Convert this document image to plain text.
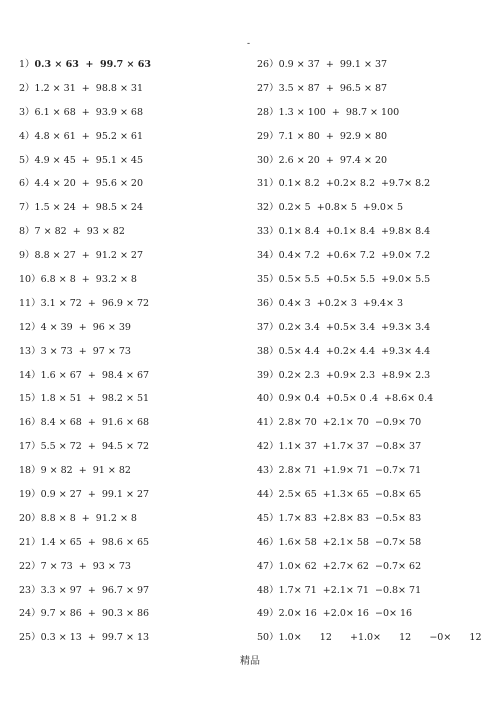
-
1）0.3 × 63  +  99.7 × 63
2）1.2 × 31  +  98.8 × 31
3）6.1 × 68  +  93.9 × 68
4）4.8 × 61  +  95.2 × 61
5）4.9 × 45  +  95.1 × 45
6）4.4 × 20  +  95.6 × 20
7）1.5 × 24  +  98.5 × 24
8）7 × 82  +  93 × 82
9）8.8 × 27  +  91.2 × 27
10）6.8 × 8  +  93.2 × 8
11）3.1 × 72  +  96.9 × 72
12）4 × 39  +  96 × 39
13）3 × 73  +  97 × 73
14）1.6 × 67  +  98.4 × 67
15）1.8 × 51  +  98.2 × 51
16）8.4 × 68  +  91.6 × 68
17）5.5 × 72  +  94.5 × 72
18）9 × 82  +  91 × 82
19）0.9 × 27  +  99.1 × 27
20）8.8 × 8  +  91.2 × 8
21）1.4 × 65  +  98.6 × 65
22）7 × 73  +  93 × 73
23）3.3 × 97  +  96.7 × 97
24）9.7 × 86  +  90.3 × 86
25）0.3 × 13  +  99.7 × 13
26）0.9 × 37  +  99.1 × 37
27）3.5 × 87  +  96.5 × 87
28）1.3 × 100  +  98.7 × 100
29）7.1 × 80  +  92.9 × 80
30）2.6 × 20  +  97.4 × 20
31）0.1× 8.2  +0.2× 8.2  +9.7× 8.2
32）0.2× 5  +0.8× 5  +9.0× 5
33）0.1× 8.4  +0.1× 8.4  +9.8× 8.4
34）0.4× 7.2  +0.6× 7.2  +9.0× 7.2
35）0.5× 5.5  +0.5× 5.5  +9.0× 5.5
36）0.4× 3  +0.2× 3  +9.4× 3
37）0.2× 3.4  +0.5× 3.4  +9.3× 3.4
38）0.5× 4.4  +0.2× 4.4  +9.3× 4.4
39）0.2× 2.3  +0.9× 2.3  +8.9× 2.3
40）0.9× 0.4  +0.5× 0 .4  +8.6× 0.4
41）2.8× 70  +2.1× 70  −0.9× 70
42）1.1× 37  +1.7× 37  −0.8× 37
43）2.8× 71  +1.9× 71  −0.7× 71
44）2.5× 65  +1.3× 65  −0.8× 65
45）1.7× 83  +2.8× 83  −0.5× 83
46）1.6× 58  +2.1× 58  −0.7× 58
47）1.0× 62  +2.7× 62  −0.7× 62
48）1.7× 71  +2.1× 71  −0.8× 71
49）2.0× 16  +2.0× 16  −0× 16
50）1.0×      12      +1.0×      12      −0×      12
精品
